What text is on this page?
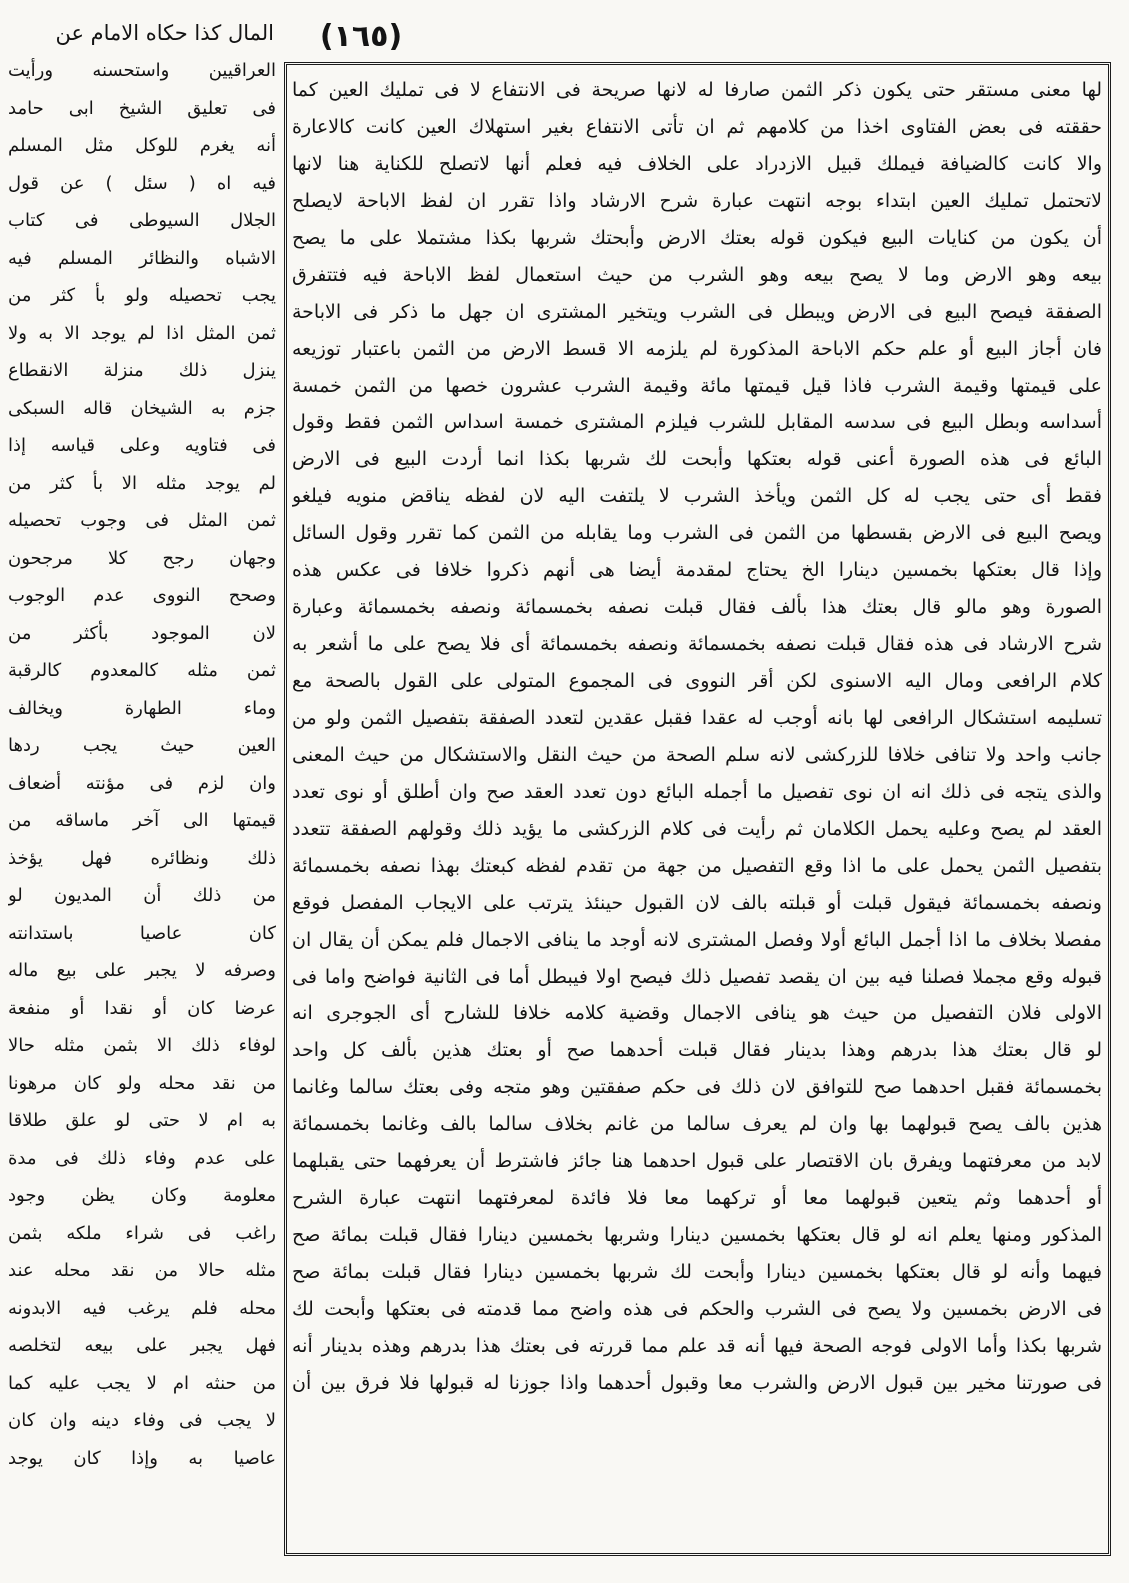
(١٦٥)
المال كذا حكاه الامام عن
لها معنى مستقر حتى يكون ذكر الثمن صارفا له لانها صريحة فى الانتفاع لا فى تمليك العين كما
حققته فى بعض الفتاوى اخذا من كلامهم ثم ان تأتى الانتفاع بغير استهلاك العين كانت كالاعارة
والا كانت كالضيافة فيملك قبيل الازدراد على الخلاف فيه فعلم أنها لاتصلح للكناية هنا لانها
لاتحتمل تمليك العين ابتداء بوجه انتهت عبارة شرح الارشاد واذا تقرر ان لفظ الاباحة لايصلح
أن يكون من كنايات البيع فيكون قوله بعتك الارض وأبحتك شربها بكذا مشتملا على ما يصح
بيعه وهو الارض وما لا يصح بيعه وهو الشرب من حيث استعمال لفظ الاباحة فيه فتتفرق
الصفقة فيصح البيع فى الارض ويبطل فى الشرب ويتخير المشترى ان جهل ما ذكر فى الاباحة
فان أجاز البيع أو علم حكم الاباحة المذكورة لم يلزمه الا قسط الارض من الثمن باعتبار توزيعه
على قيمتها وقيمة الشرب فاذا قيل قيمتها مائة وقيمة الشرب عشرون خصها من الثمن خمسة
أسداسه وبطل البيع فى سدسه المقابل للشرب فيلزم المشترى خمسة اسداس الثمن فقط وقول
البائع فى هذه الصورة أعنى قوله بعتكها وأبحت لك شربها بكذا انما أردت البيع فى الارض
فقط أى حتى يجب له كل الثمن ويأخذ الشرب لا يلتفت اليه لان لفظه يناقض منويه فيلغو
ويصح البيع فى الارض بقسطها من الثمن فى الشرب وما يقابله من الثمن كما تقرر وقول السائل
وإذا قال بعتكها بخمسين دينارا الخ يحتاج لمقدمة أيضا هى أنهم ذكروا خلافا فى عكس هذه
الصورة وهو مالو قال بعتك هذا بألف فقال قبلت نصفه بخمسمائة ونصفه بخمسمائة وعبارة
شرح الارشاد فى هذه فقال قبلت نصفه بخمسمائة ونصفه بخمسمائة أى فلا يصح على ما أشعر به
كلام الرافعى ومال اليه الاسنوى لكن أقر النووى فى المجموع المتولى على القول بالصحة مع
تسليمه استشكال الرافعى لها بانه أوجب له عقدا فقبل عقدين لتعدد الصفقة بتفصيل الثمن ولو من
جانب واحد ولا تنافى خلافا للزركشى لانه سلم الصحة من حيث النقل والاستشكال من حيث المعنى
والذى يتجه فى ذلك انه ان نوى تفصيل ما أجمله البائع دون تعدد العقد صح وان أطلق أو نوى تعدد
العقد لم يصح وعليه يحمل الكلامان ثم رأيت فى كلام الزركشى ما يؤيد ذلك وقولهم الصفقة تتعدد
بتفصيل الثمن يحمل على ما اذا وقع التفصيل من جهة من تقدم لفظه كبعتك بهذا نصفه بخمسمائة
ونصفه بخمسمائة فيقول قبلت أو قبلته بالف لان القبول حينئذ يترتب على الايجاب المفصل فوقع
مفصلا بخلاف ما اذا أجمل البائع أولا وفصل المشترى لانه أوجد ما ينافى الاجمال فلم يمكن أن يقال ان
قبوله وقع مجملا فصلنا فيه بين ان يقصد تفصيل ذلك فيصح اولا فيبطل أما فى الثانية فواضح واما فى
الاولى فلان التفصيل من حيث هو ينافى الاجمال وقضية كلامه خلافا للشارح أى الجوجرى انه
لو قال بعتك هذا بدرهم وهذا بدينار فقال قبلت أحدهما صح أو بعتك هذين بألف كل واحد
بخمسمائة فقبل احدهما صح للتوافق لان ذلك فى حكم صفقتين وهو متجه وفى بعتك سالما وغانما
هذين بالف يصح قبولهما بها وان لم يعرف سالما من غانم بخلاف سالما بالف وغانما بخمسمائة
لابد من معرفتهما ويفرق بان الاقتصار على قبول احدهما هنا جائز فاشترط أن يعرفهما حتى يقبلهما
أو أحدهما وثم يتعين قبولهما معا أو تركهما معا فلا فائدة لمعرفتهما انتهت عبارة الشرح
المذكور ومنها يعلم انه لو قال بعتكها بخمسين دينارا وشربها بخمسين دينارا فقال قبلت بمائة صح
فيهما وأنه لو قال بعتكها بخمسين دينارا وأبحت لك شربها بخمسين دينارا فقال قبلت بمائة صح
فى الارض بخمسين ولا يصح فى الشرب والحكم فى هذه واضح مما قدمته فى بعتكها وأبحت لك
شربها بكذا وأما الاولى فوجه الصحة فيها أنه قد علم مما قررته فى بعتك هذا بدرهم وهذه بدينار أنه
فى صورتنا مخير بين قبول الارض والشرب معا وقبول أحدهما واذا جوزنا له قبولها فلا فرق بين أن
العراقيين واستحسنه ورأيت
فى تعليق الشيخ ابى حامد
أنه يغرم للوكل مثل المسلم
فيه اه ( سئل ) عن قول
الجلال السيوطى فى كتاب
الاشباه والنظائر المسلم فيه
يجب تحصيله ولو بأ كثر من
ثمن المثل اذا لم يوجد الا به ولا
ينزل ذلك منزلة الانقطاع
جزم به الشيخان قاله السبكى
فى فتاويه وعلى قياسه إذا
لم يوجد مثله الا بأ كثر من
ثمن المثل فى وجوب تحصيله
وجهان رجح كلا مرجحون
وصحح النووى عدم الوجوب
لان الموجود بأكثر من
ثمن مثله كالمعدوم كالرقبة
وماء الطهارة ويخالف
العين حيث يجب ردها
وان لزم فى مؤنته أضعاف
قيمتها الى آخر ماساقه من
ذلك ونظائره فهل يؤخذ
من ذلك أن المديون لو
كان عاصيا باستدانته
وصرفه لا يجبر على بيع ماله
عرضا كان أو نقدا أو منفعة
لوفاء ذلك الا بثمن مثله حالا
من نقد محله ولو كان مرهونا
به ام لا حتى لو علق طلاقا
على عدم وفاء ذلك فى مدة
معلومة وكان يظن وجود
راغب فى شراء ملكه بثمن
مثله حالا من نقد محله عند
محله فلم يرغب فيه الابدونه
فهل يجبر على بيعه لتخلصه
من حنثه ام لا يجب عليه كما
لا يجب فى وفاء دينه وان كان
عاصيا به وإذا كان يوجد
